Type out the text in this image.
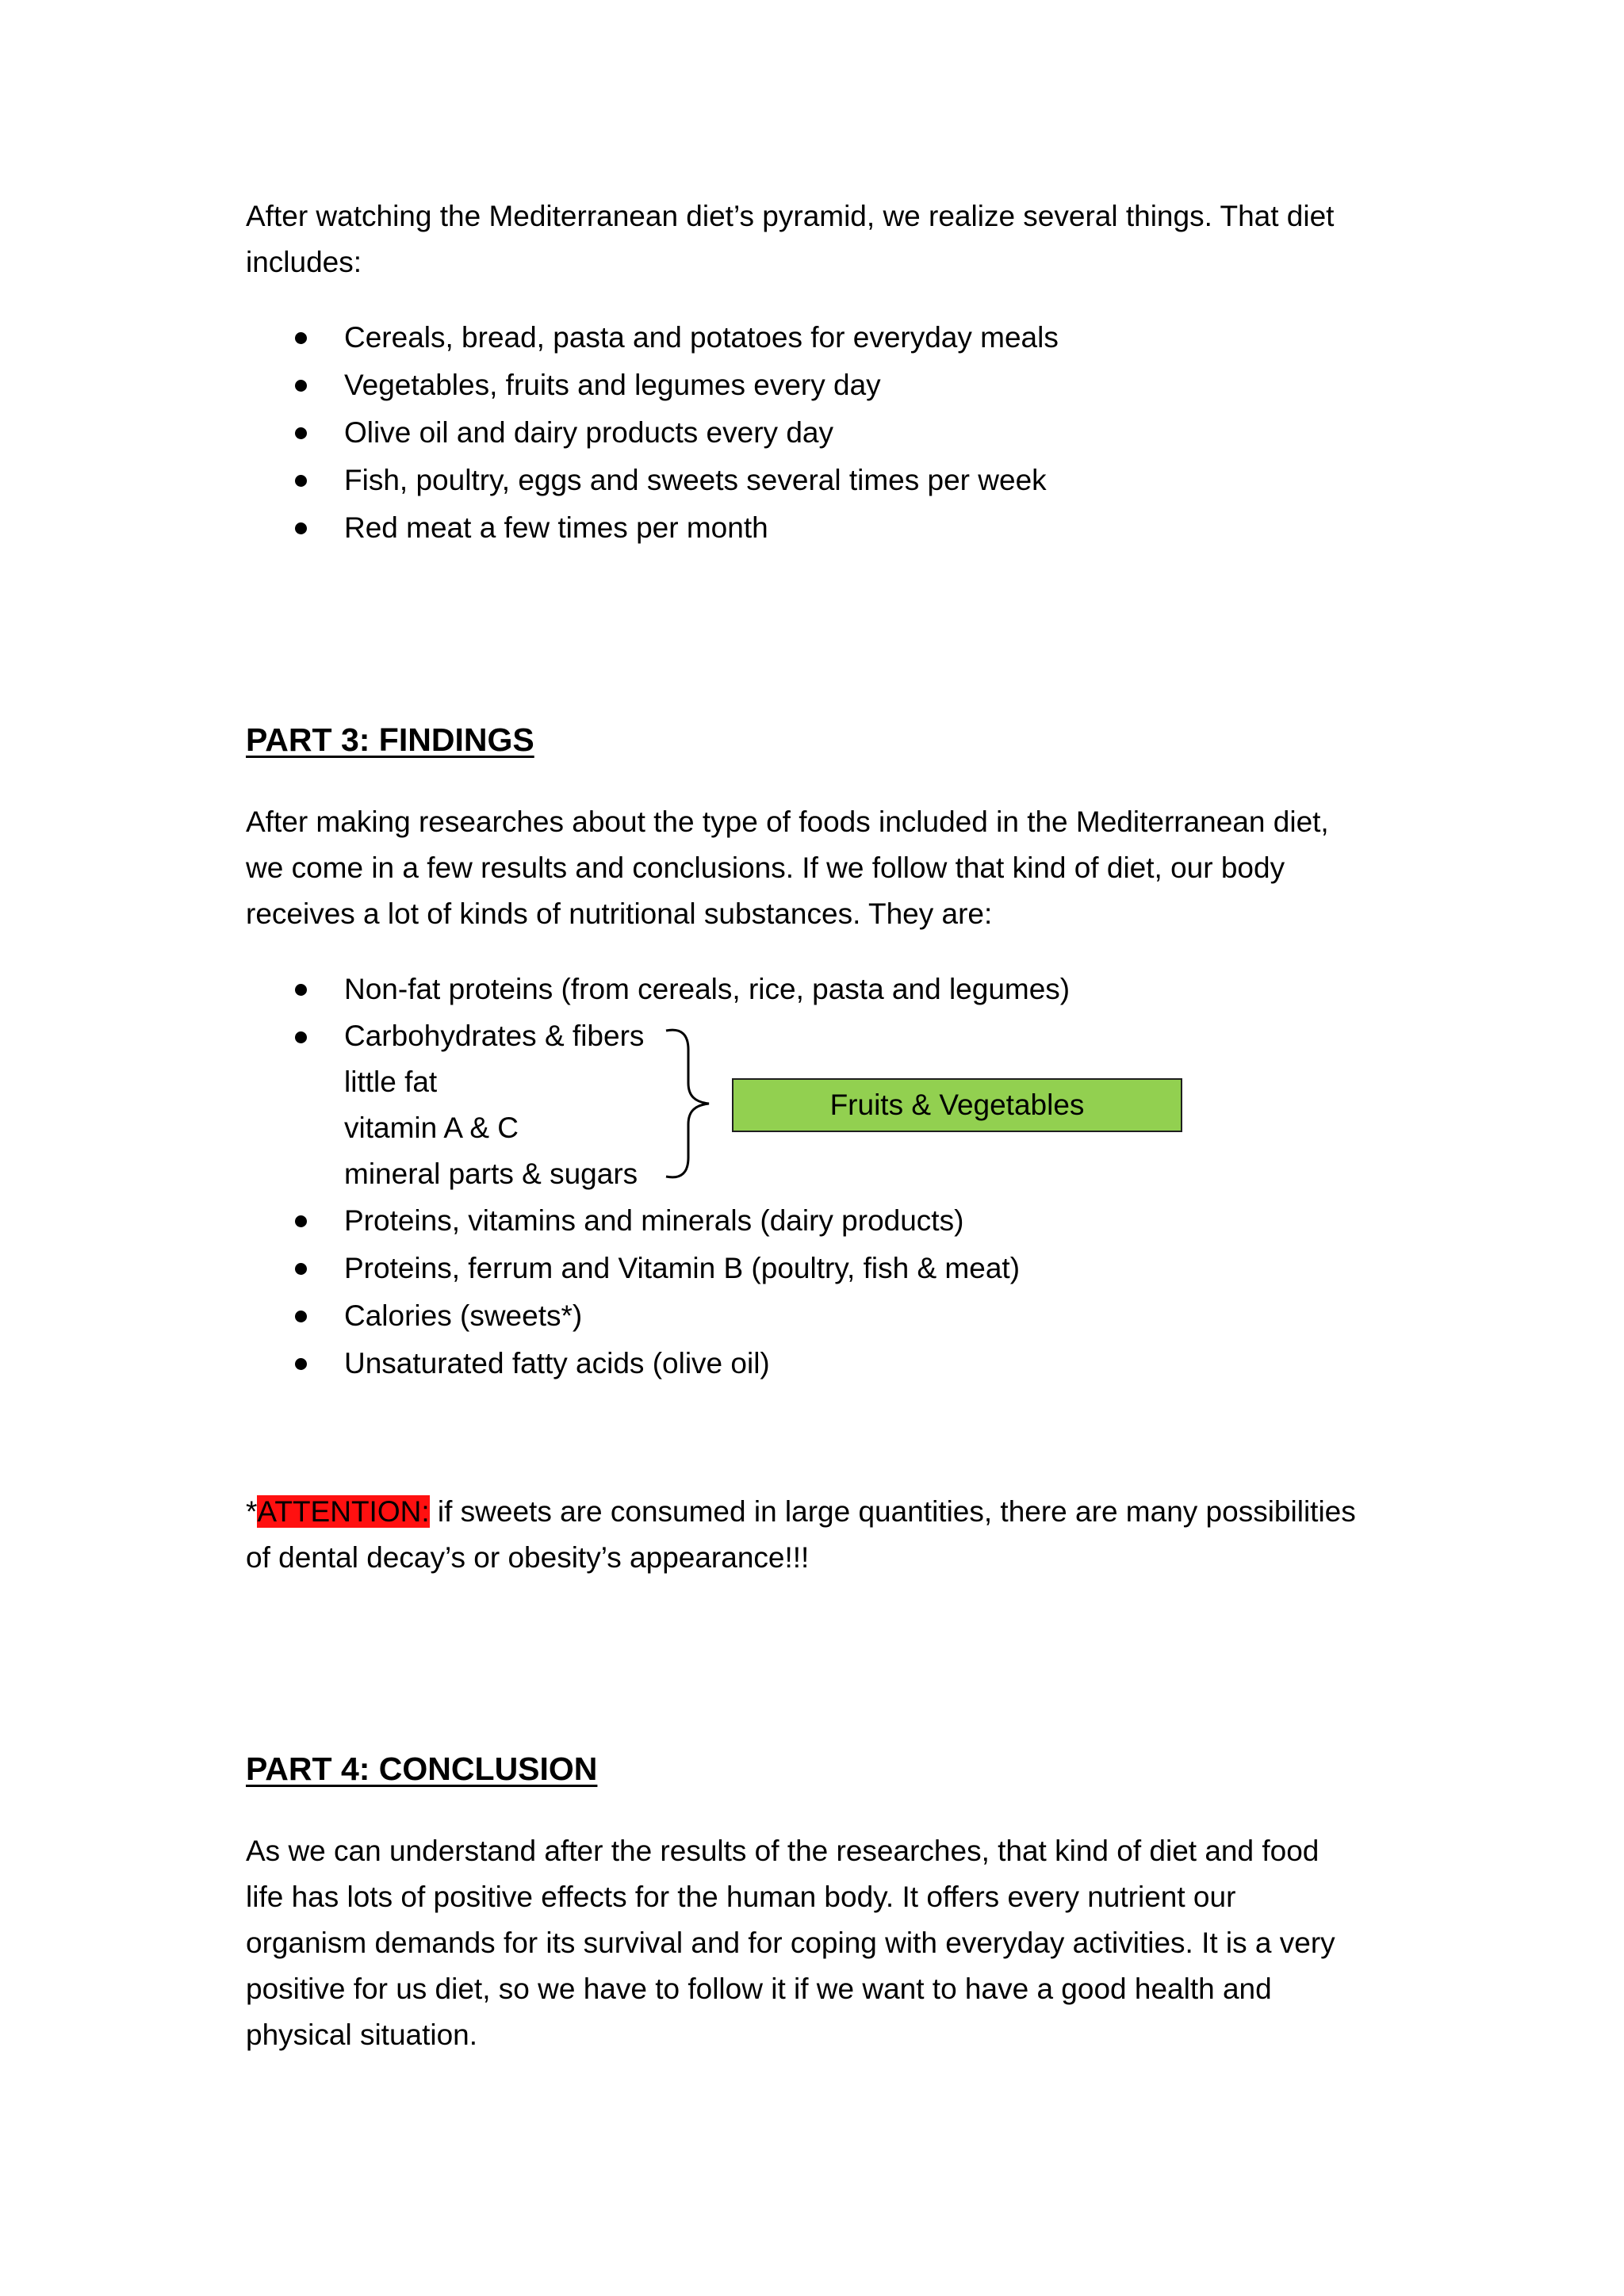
After watching the Mediterranean diet’s pyramid, we realize several things. That diet
includes:
Cereals, bread, pasta and potatoes for everyday meals
Vegetables, fruits and legumes every day
Olive oil and dairy products every day
Fish, poultry, eggs and sweets several times per week
Red meat a few times per month
PART 3: FINDINGS
After making researches about the type of foods included in the Mediterranean diet,
we come in a few results and conclusions. If we follow that kind of diet, our body
receives a lot of kinds of nutritional substances. They are:
Non-fat proteins (from cereals, rice, pasta and legumes)
Carbohydrates & fibers
little fat
vitamin A & C
mineral parts & sugars
Proteins, vitamins and minerals (dairy products)
Proteins, ferrum and Vitamin B (poultry, fish & meat)
Calories (sweets*)
Unsaturated fatty acids (olive oil)
Fruits & Vegetables
*ATTENTION: if sweets are consumed in large quantities, there are many possibilities
of dental decay’s or obesity’s appearance!!!
PART 4: CONCLUSION
As we can understand after the results of the researches, that kind of diet and food
life has lots of positive effects for the human body. It offers every nutrient our
organism demands for its survival and for coping with everyday activities. It is a very
positive for us diet, so we have to follow it if we want to have a good health and
physical situation.
